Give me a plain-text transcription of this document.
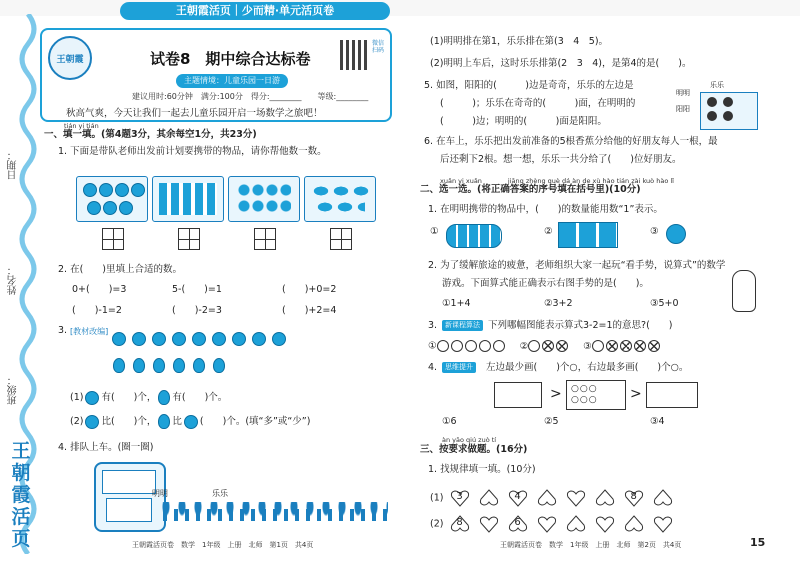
王朝霞活页｜少而精·单元活页卷
日期：
姓名：
班级：
王朝霞活页
王朝霞
微信扫码
试卷8　期中综合达标卷
主题情境：儿童乐园一日游
建议用时:60分钟　满分:100分　得分:________　　等级:________
秋高气爽，今天让我们一起去儿童乐园开启一场数学之旅吧！
tián yi tián
一、填一填。(第4题3分，其余每空1分，共23分)
1. 下面是带队老师出发前计划要携带的物品，请你帮他数一数。
2. 在(　　)里填上合适的数。
0+(　　)=3	5-(　　)=1	(　　)+0=2
(　　)-1=2	(　　)-2=3	(　　)+2=4
3. [教材改编]
(1) 有(　　)个， 有(　　)个。
(2) 比(　　)个， 比 (　　)个。(填“多”或“少”)
4. 排队上车。(圈一圈)
明明	乐乐
(1)明明排在第1，乐乐排在第(3　4　5)。
(2)明明上车后，这时乐乐排第(2　3　4)，是第4的是(　　)。
5. 如图，阳阳的(　　　)边是奇奇，乐乐的左边是
(　　　)；乐乐在奇奇的(　　　)面，在明明的
(　　　)边；明明的(　　　)面是阳阳。
乐乐
明明
阳阳
6. 在车上，乐乐把出发前准备的5根香蕉分给他的好朋友每人一根，最
后还剩下2根。想一想，乐乐一共分给了(　　)位好朋友。
xuǎn yi xuǎn　　　　jiāng zhèng què dá àn de xù hào tián zài kuò hào lǐ
二、选一选。(将正确答案的序号填在括号里)(10分)
1. 在明明携带的物品中，(　　)的数量能用数“1”表示。
①	②	③
2. 为了缓解旅途的疲惫，老师组织大家一起玩“看手势，说算式”的数学
游戏。下面算式能正确表示右图手势的是(　　)。
①1+4	②3+2	③5+0
3.	新课程算法 下列哪幅图能表示算式3-2=1的意思?(　　)
①	②	③
4.	思维提升	左边最少画(　　)个○，右边最多画(　　)个○。
> ○○○
○○○ >
①6	②5	③4
àn yāo qiú zuò tí
三、按要求做题。(16分)
1. 找规律填一填。(10分)
(1)	3

	4

	8

(2)	8

	6

王朝霞活页卷　数学　1年级　上册　北师　第1页　共4页	王朝霞活页卷　数学　1年级　上册　北师　第2页　共4页	15
